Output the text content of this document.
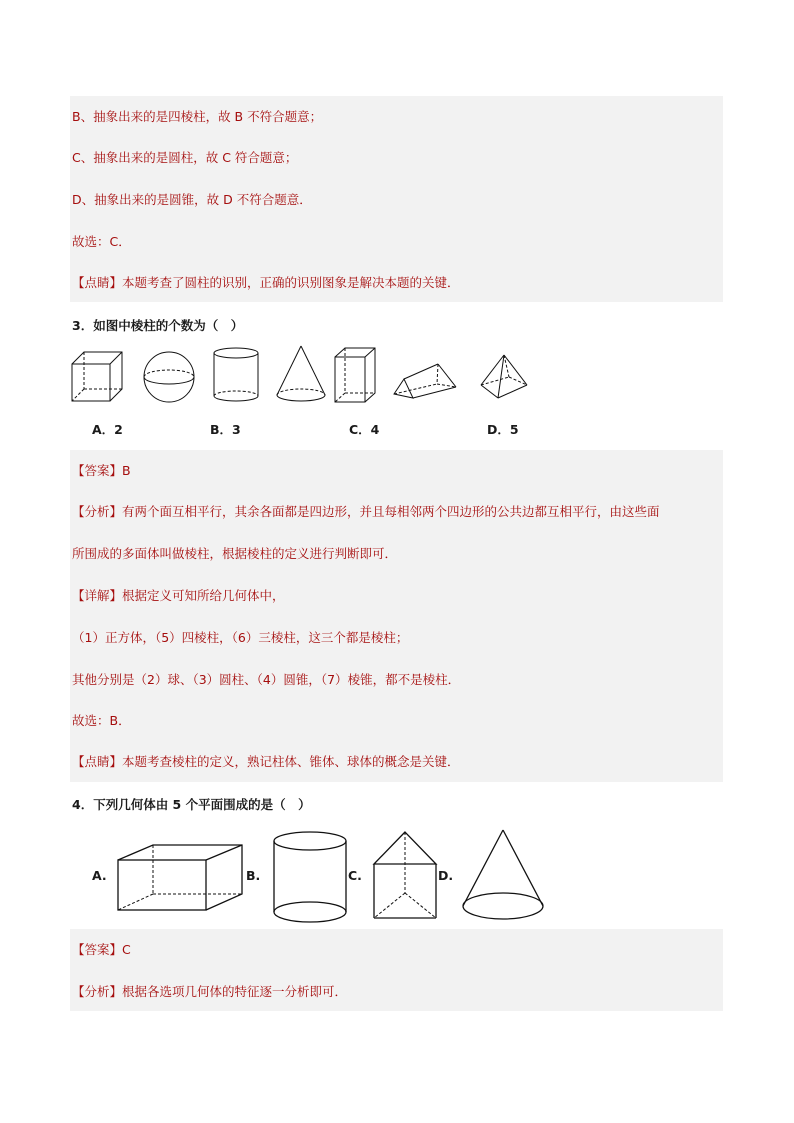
B、抽象出来的是四棱柱，故 B 不符合题意；
C、抽象出来的是圆柱，故 C 符合题意；
D、抽象出来的是圆锥，故 D 不符合题意．
故选：C．
【点睛】本题考查了圆柱的识别，正确的识别图象是解决本题的关键．
3．如图中棱柱的个数为（　）
A．2	B．3	C．4	D．5
【答案】B
【分析】有两个面互相平行，其余各面都是四边形，并且每相邻两个四边形的公共边都互相平行，由这些面
所围成的多面体叫做棱柱，根据棱柱的定义进行判断即可．
【详解】根据定义可知所给几何体中，
（1）正方体，（5）四棱柱，（6）三棱柱，这三个都是棱柱；
其他分别是（2）球、（3）圆柱、（4）圆锥，（7）棱锥，都不是棱柱．
故选：B．
【点睛】本题考查棱柱的定义，熟记柱体、锥体、球体的概念是关键．
4．下列几何体由 5 个平面围成的是（　）
A.	B.	C.	D.
【答案】C
【分析】根据各选项几何体的特征逐一分析即可．
